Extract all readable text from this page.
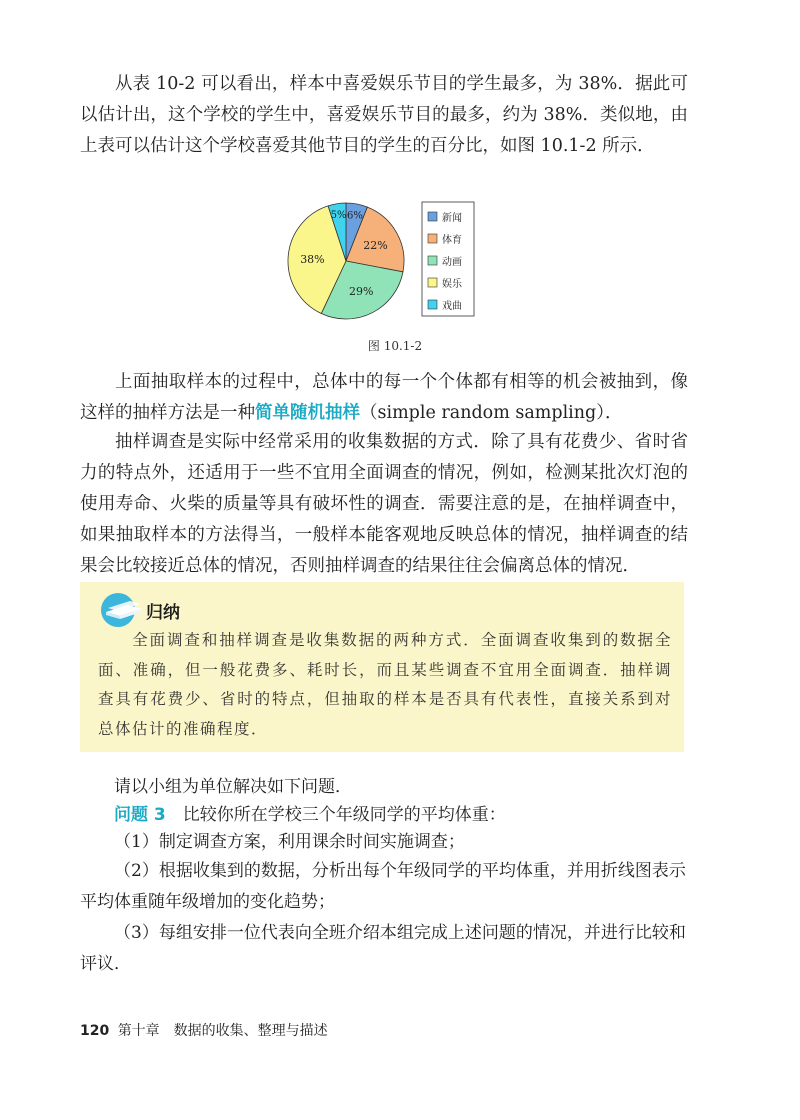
从表 10-2 可以看出，样本中喜爱娱乐节目的学生最多，为 38%．据此可以估计出，这个学校的学生中，喜爱娱乐节目的最多，约为 38%．类似地，由上表可以估计这个学校喜爱其他节目的学生的百分比，如图 10.1-2 所示．

6%
22%
29%
38%
5%	新闻
体育
动画
娱乐
戏曲
图 10.1-2

上面抽取样本的过程中，总体中的每一个个体都有相等的机会被抽到，像这样的抽样方法是一种简单随机抽样（simple random sampling）．

抽样调查是实际中经常采用的收集数据的方式．除了具有花费少、省时省力的特点外，还适用于一些不宜用全面调查的情况，例如，检测某批次灯泡的使用寿命、火柴的质量等具有破坏性的调查．需要注意的是，在抽样调查中，如果抽取样本的方法得当，一般样本能客观地反映总体的情况，抽样调查的结果会比较接近总体的情况，否则抽样调查的结果往往会偏离总体的情况．

归纳

全面调查和抽样调查是收集数据的两种方式．全面调查收集到的数据全面、准确，但一般花费多、耗时长，而且某些调查不宜用全面调查．抽样调查具有花费少、省时的特点，但抽取的样本是否具有代表性，直接关系到对总体估计的准确程度．

请以小组为单位解决如下问题．

问题 3　 比较你所在学校三个年级同学的平均体重：

（1）制定调查方案，利用课余时间实施调查；

（2）根据收集到的数据，分析出每个年级同学的平均体重，并用折线图表示平均体重随年级增加的变化趋势；

（3）每组安排一位代表向全班介绍本组完成上述问题的情况，并进行比较和评议．

120 第十章　数据的收集、整理与描述
